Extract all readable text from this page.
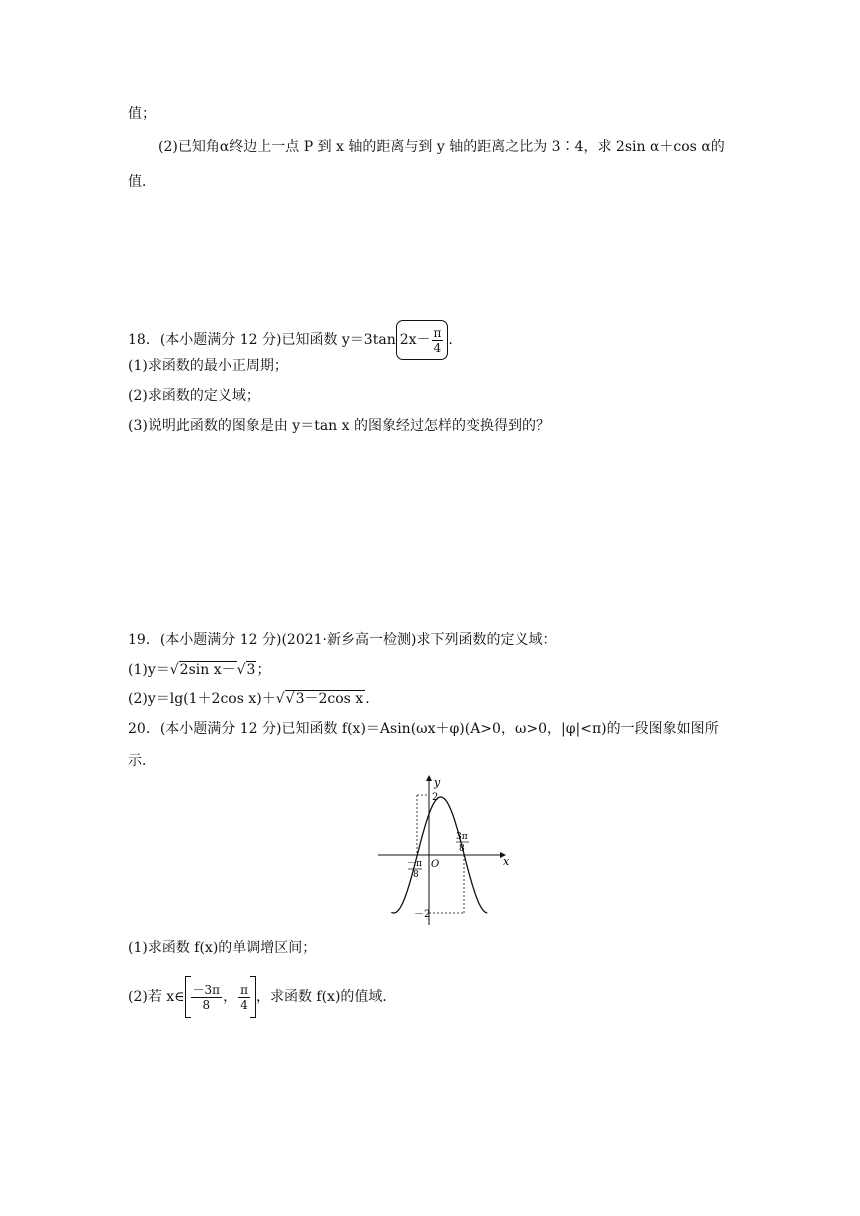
值；
(2)已知角α终边上一点 P 到 x 轴的距离与到 y 轴的距离之比为 3∶4，求 2sin α＋cos α的
值．
18．(本小题满分 12 分)已知函数 y＝3tan $2x- \frac{\pi}{4}$ .
(1)求函数的最小正周期；
(2)求函数的定义域；
(3)说明此函数的图象是由 y＝tan x 的图象经过怎样的变换得到的？
19．(本小题满分 12 分)(2021·新乡高一检测)求下列函数的定义域：
(1)y＝√2sin x－√3；
(2)y＝lg(1＋2cos x)＋√√3－2cos x .
20．(本小题满分 12 分)已知函数 f(x)＝Asin(ωx＋φ)(A>0，ω>0，|φ|<π)的一段图象如图所
示．
y
x
O
2
－2
－π
8
3π
8
(1)求函数 f(x)的单调增区间；
(2)若 x∈ $\frac{-3\pi}{8}$ ， $\frac{\pi}{4}$ ，求函数 f(x)的值域．
